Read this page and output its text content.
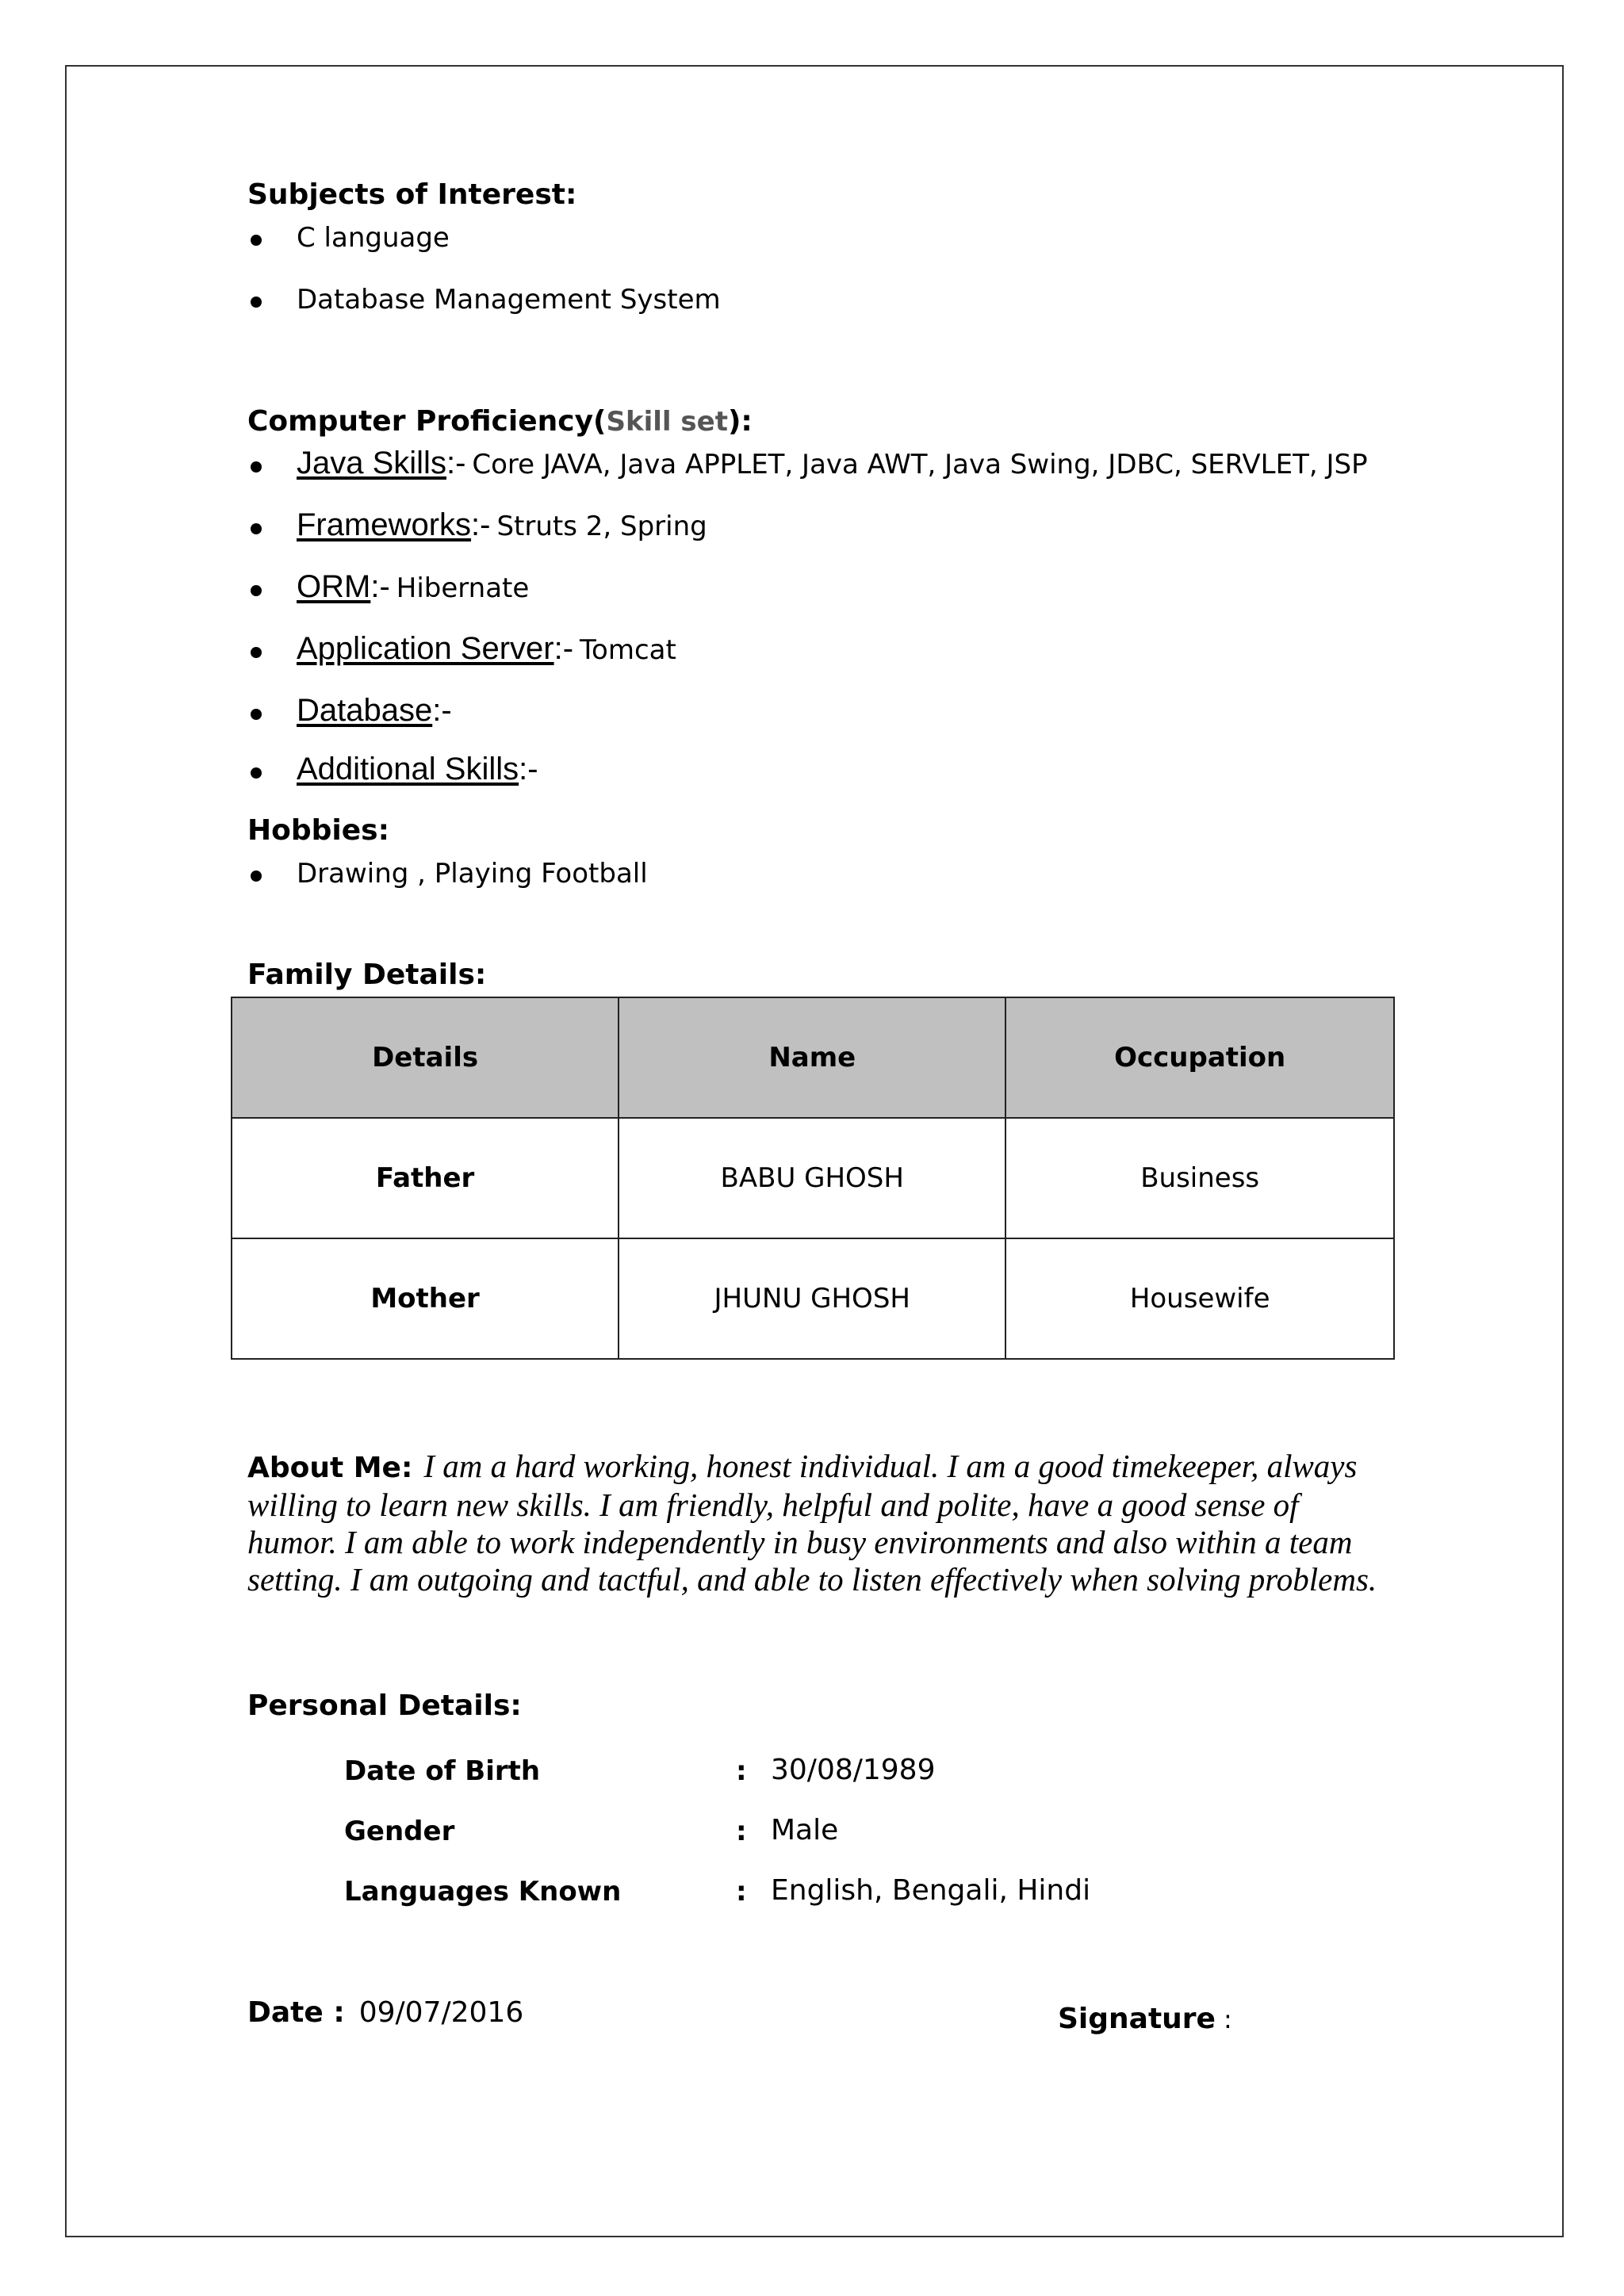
Subjects of Interest:
C language
Database Management System
Computer Proficiency(Skill set):
Java Skills :- Core JAVA, Java APPLET, Java AWT, Java Swing, JDBC, SERVLET, JSP
Frameworks :- Struts 2, Spring
ORM :- Hibernate
Application Server :- Tomcat
Database :-
Additional Skills :-
Hobbies:
Drawing , Playing Football
Family Details:
Details	Name	Occupation
Father	BABU GHOSH	Business
Mother	JHUNU GHOSH	Housewife
About Me: I am a hard working, honest individual. I am a good timekeeper, always willing to learn new skills. I am friendly, helpful and polite, have a good sense of humor. I am able to work independently in busy environments and also within a team setting. I am outgoing and tactful, and able to listen effectively when solving problems.
Personal Details:
Date of Birth	: 30/08/1989
Gender	: Male
Languages Known	: English, Bengali, Hindi
Date : 09/07/2016	Signature :
